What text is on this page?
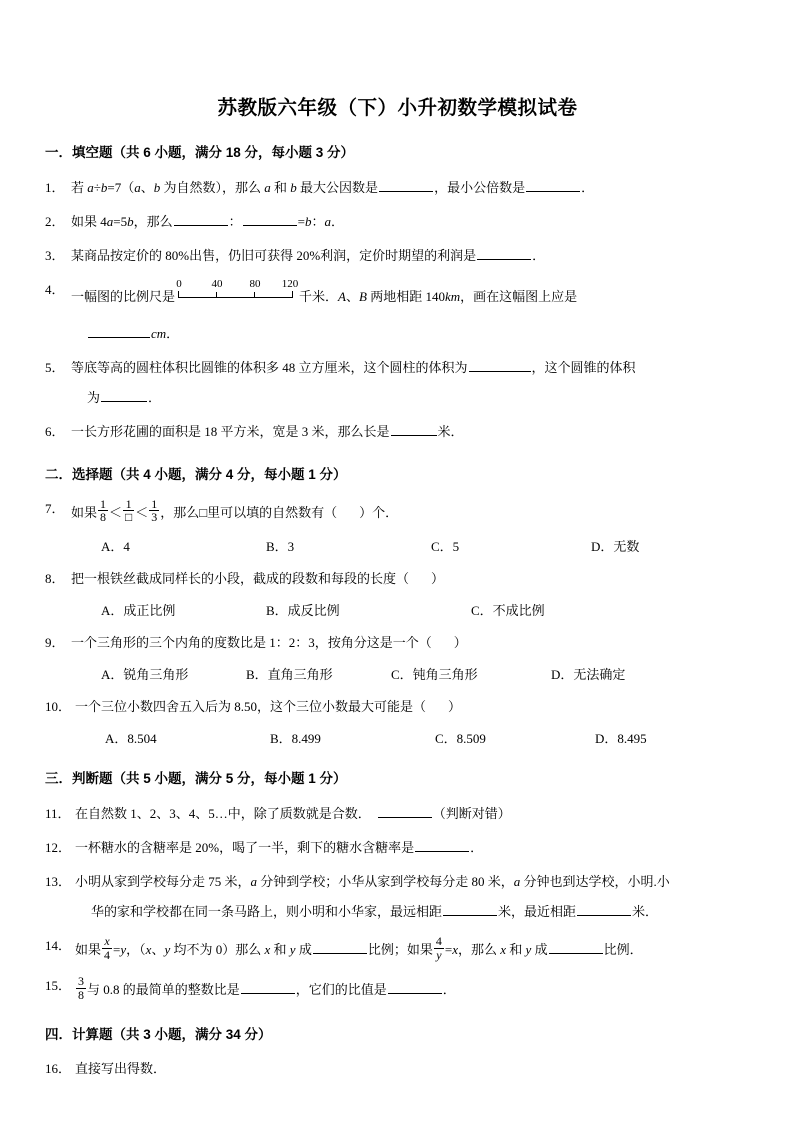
苏教版六年级（下）小升初数学模拟试卷
一．填空题（共 6 小题，满分 18 分，每小题 3 分）
1． 若 a÷b=7（a、b 为自然数），那么 a 和 b 最大公因数是	，最小公倍数是	．
2． 如果 4a=5b，那么	：	=b：a．
3． 某商品按定价的 80%出售，仍旧可获得 20%利润，定价时期望的利润是	．
4． 一幅图的比例尺是
0	40 80 120
千米．A、B 两地相距 140km，画在这幅图上应是
cm．
5． 等底等高的圆柱体积比圆锥的体积多 48 立方厘米，这个圆柱的体积为	，这个圆锥的体积
为	．
6． 一长方形花圃的面积是 18 平方米，宽是 3 米，那么长是	米．
二．选择题（共 4 小题，满分 4 分，每小题 1 分）
7． 如果 $\frac{1}{8} < \frac{1}{□} < \frac{1}{3}$ ，那么□里可以填的自然数有（ ）个．
A．4	B．3	C．5	D．无数
8． 把一根铁丝截成同样长的小段，截成的段数和每段的长度（ ）
A．成正比例	B．成反比例	C．不成比例
9． 一个三角形的三个内角的度数比是 1：2：3，按角分这是一个（ ）
A．锐角三角形	B．直角三角形	C．钝角三角形	D．无法确定
10． 一个三位小数四舍五入后为 8.50，这个三位小数最大可能是（ ）
A．8.504	B．8.499	C．8.509	D．8.495
三．判断题（共 5 小题，满分 5 分，每小题 1 分）
11． 在自然数 1、2、3、4、5…中，除了质数就是合数．	（判断对错）
12． 一杯糖水的含糖率是 20%，喝了一半，剩下的糖水含糖率是	．
13． 小明从家到学校每分走 75 米，a 分钟到学校；小华从家到学校每分走 80 米，a 分钟也到达学校，小明.小
华的家和学校都在同一条马路上，则小明和小华家，最远相距	米，最近相距	米．
14． 如果 $\frac{x}{4} =y$，（x、y 均不为 0）那么 x 和 y 成	比例；如果 $\frac{4}{y} =x$，那么 x 和 y 成	比例．
15． $\frac{3}{8}$ 与 0.8 的最简单的整数比是	，它们的比值是	．
四．计算题（共 3 小题，满分 34 分）
16． 直接写出得数．
